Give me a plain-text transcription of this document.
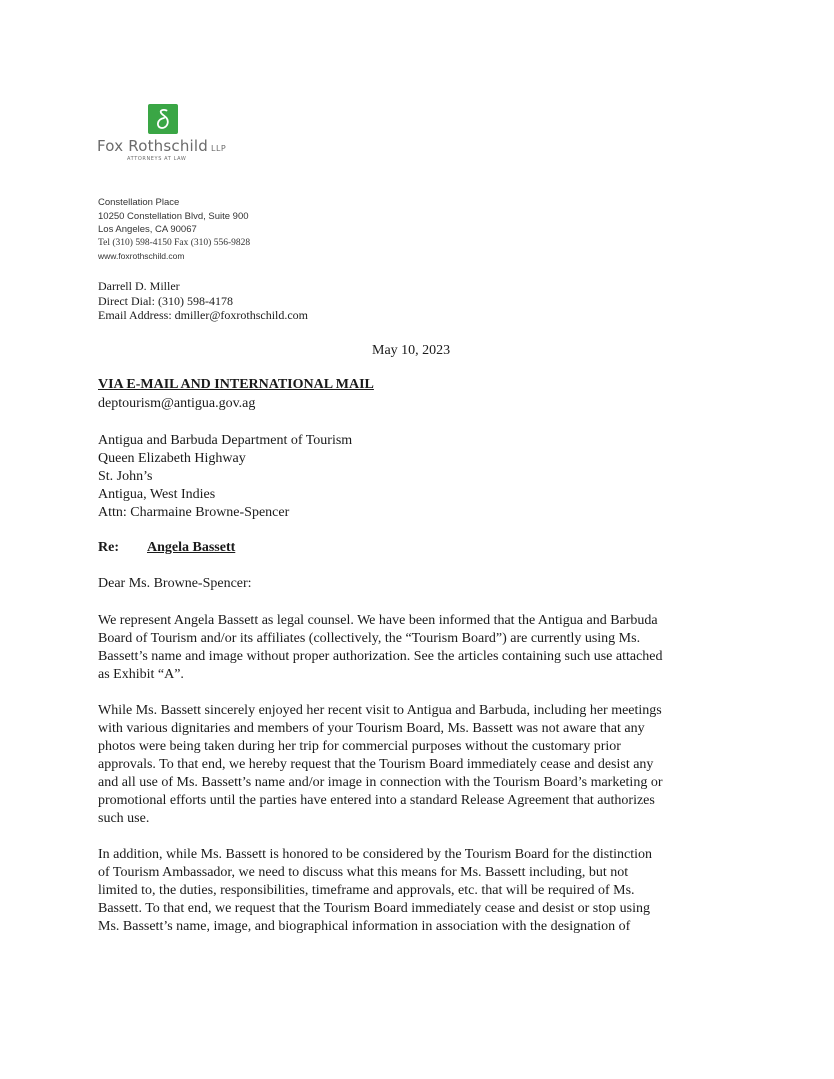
Fox Rothschild LLP
ATTORNEYS AT LAW
Constellation Place
10250 Constellation Blvd, Suite 900
Los Angeles, CA 90067
Tel (310) 598-4150 Fax (310) 556-9828
www.foxrothschild.com
Darrell D. Miller
Direct Dial: (310) 598-4178
Email Address: dmiller@foxrothschild.com
May 10, 2023
VIA E-MAIL AND INTERNATIONAL MAIL
deptourism@antigua.gov.ag
Antigua and Barbuda Department of Tourism
Queen Elizabeth Highway
St. John’s
Antigua, West Indies
Attn: Charmaine Browne-Spencer
Re: Angela Bassett
Dear Ms. Browne-Spencer:
We represent Angela Bassett as legal counsel. We have been informed that the Antigua and Barbuda
Board of Tourism and/or its affiliates (collectively, the “Tourism Board”) are currently using Ms.
Bassett’s name and image without proper authorization. See the articles containing such use attached
as Exhibit “A”.
While Ms. Bassett sincerely enjoyed her recent visit to Antigua and Barbuda, including her meetings
with various dignitaries and members of your Tourism Board, Ms. Bassett was not aware that any
photos were being taken during her trip for commercial purposes without the customary prior
approvals. To that end, we hereby request that the Tourism Board immediately cease and desist any
and all use of Ms. Bassett’s name and/or image in connection with the Tourism Board’s marketing or
promotional efforts until the parties have entered into a standard Release Agreement that authorizes
such use.
In addition, while Ms. Bassett is honored to be considered by the Tourism Board for the distinction
of Tourism Ambassador, we need to discuss what this means for Ms. Bassett including, but not
limited to, the duties, responsibilities, timeframe and approvals, etc. that will be required of Ms.
Bassett. To that end, we request that the Tourism Board immediately cease and desist or stop using
Ms. Bassett’s name, image, and biographical information in association with the designation of
